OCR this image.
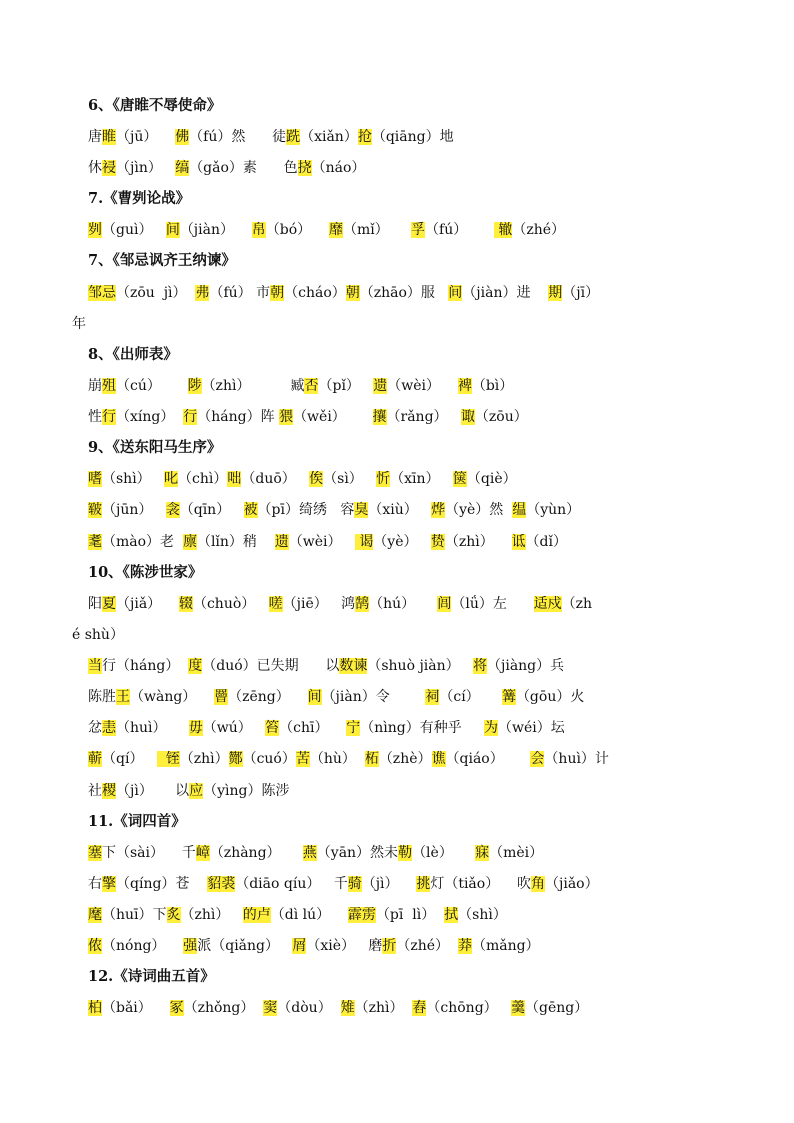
6、《唐睢不辱使命》
唐睢（jū）    佛（fú）然      徒跣（xiǎn）抢（qiāng）地
休祲（jìn）   缟（gǎo）素      色挠（náo）
7.《曹刿论战》
刿（guì）   间（jiàn）    帛（bó）    靡（mǐ）     孚（fú）       辙（zhé）
7、《邹忌讽齐王纳谏》
邹忌（zōu  jì）  弗（fú） 市朝（cháo）朝（zhāo）服   间（jiàn）进    期（jī）
年
8、《出师表》
崩殂（cú）      陟（zhì）         臧否（pǐ）   遗（wèi）    裨（bì）
性行（xíng）  行（háng）阵 猥（wěi）      攘（rǎng）   诹（zōu）
9、《送东阳马生序》
嗜（shì）   叱（chì）咄（duō）   俟（sì）   忻（xīn）   箧（qiè）
皲（jūn）   衾（qīn）   被（pī）绮绣   容臭（xiù）   烨（yè）然  缊（yùn）
耄（mào）老  廪（lǐn）稍    遗（wèi）    谒（yè）   贽（zhì）    诋（dǐ）
10、《陈涉世家》
阳夏（jiǎ）    辍（chuò）   嗟（jiē）   鸿鹄（hú）     闾（lǘ）左      适戍（zh
é shù）
当行（háng）  度（duó）已失期      以数谏（shuò jiàn）   将（jiàng）兵
陈胜王（wàng）    罾（zēng）    间（jiàn）令        祠（cí）     篝（gōu）火
忿恚（huì）     毋（wú）   笞（chī）    宁（nìng）有种乎     为（wéi）坛
蕲（qí）     铚（zhì）酂（cuó）苦（hù）  柘（zhè）谯（qiáo）      会（huì）计
社稷（jì）     以应（yìng）陈涉
11.《词四首》
塞下（sài）    千嶂（zhàng）     燕（yān）然未勒（lè）     寐（mèi）
右擎（qíng）苍    貂裘（diāo qíu）   千骑（jì）    挑灯（tiǎo）    吹角（jiǎo）
麾（huī）下炙（zhì）   的卢（dì lú）    霹雳（pī  lì）  拭（shì）
侬（nóng）    强派（qiǎng）   屑（xiè）   磨折（zhé）  莽（mǎng）
12.《诗词曲五首》
柏（bǎi）    冢（zhǒng）  窦（dòu）  雉（zhì）  舂（chōng）   羹（gēng）
